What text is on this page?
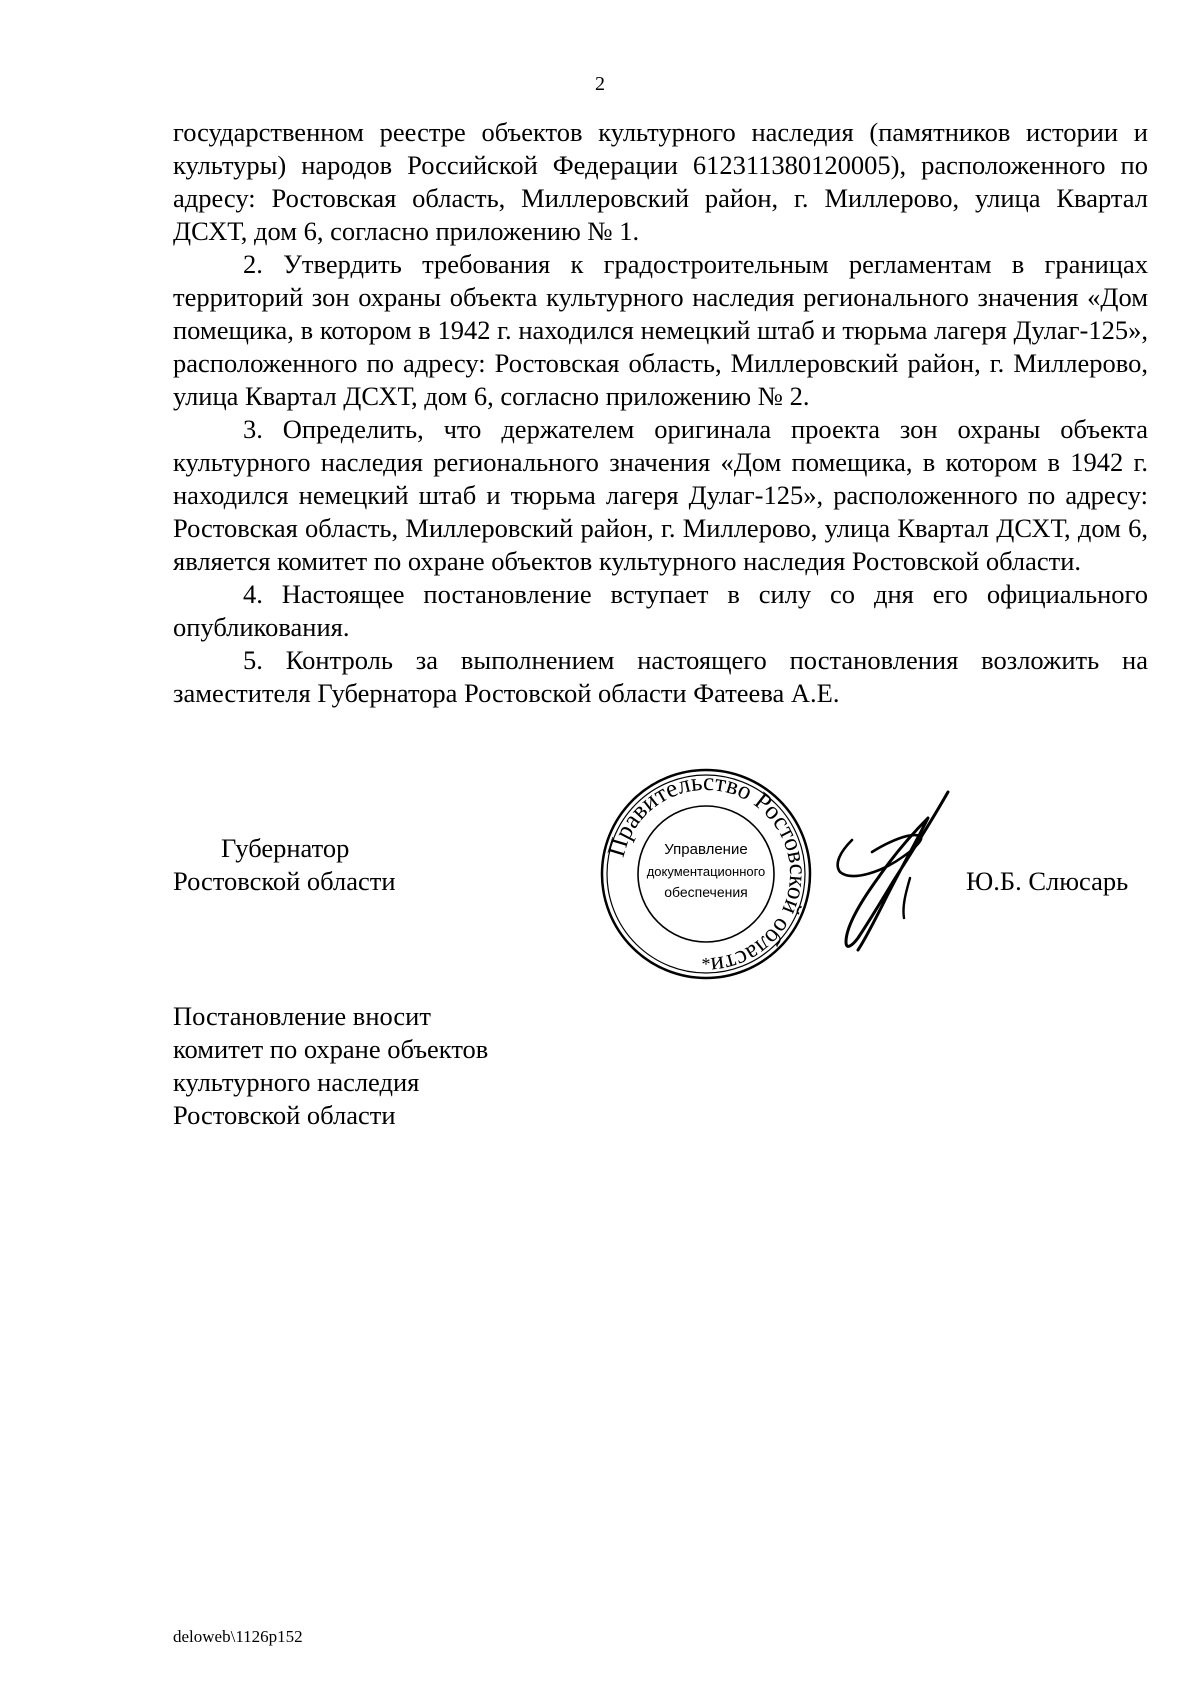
2

государственном реестре объектов культурного наследия (памятников истории и культуры) народов Российской Федерации 612311380120005), расположенного по адресу: Ростовская область, Миллеровский район, г. Миллерово, улица Квартал ДСХТ, дом 6, согласно приложению № 1.

2. Утвердить требования к градостроительным регламентам в границах территорий зон охраны объекта культурного наследия регионального значения «Дом помещика, в котором в 1942 г. находился немецкий штаб и тюрьма лагеря Дулаг-125», расположенного по адресу: Ростовская область, Миллеровский район, г. Миллерово, улица Квартал ДСХТ, дом 6, согласно приложению № 2.

3. Определить, что держателем оригинала проекта зон охраны объекта культурного наследия регионального значения «Дом помещика, в котором в 1942 г. находился немецкий штаб и тюрьма лагеря Дулаг-125», расположенного по адресу: Ростовская область, Миллеровский район, г. Миллерово, улица Квартал ДСХТ, дом 6, является комитет по охране объектов культурного наследия Ростовской области.

4. Настоящее постановление вступает в силу со дня его официального опубликования.

5. Контроль за выполнением настоящего постановления возложить на заместителя Губернатора Ростовской области Фатеева А.Е.

Губернатор
Ростовской области
Правительство Ростовской области
Управление
документационного
обеспечения
*
Ю.Б. Слюсарь
Постановление вносит
комитет по охране объектов
культурного наследия
Ростовской области
deloweb\1126p152
